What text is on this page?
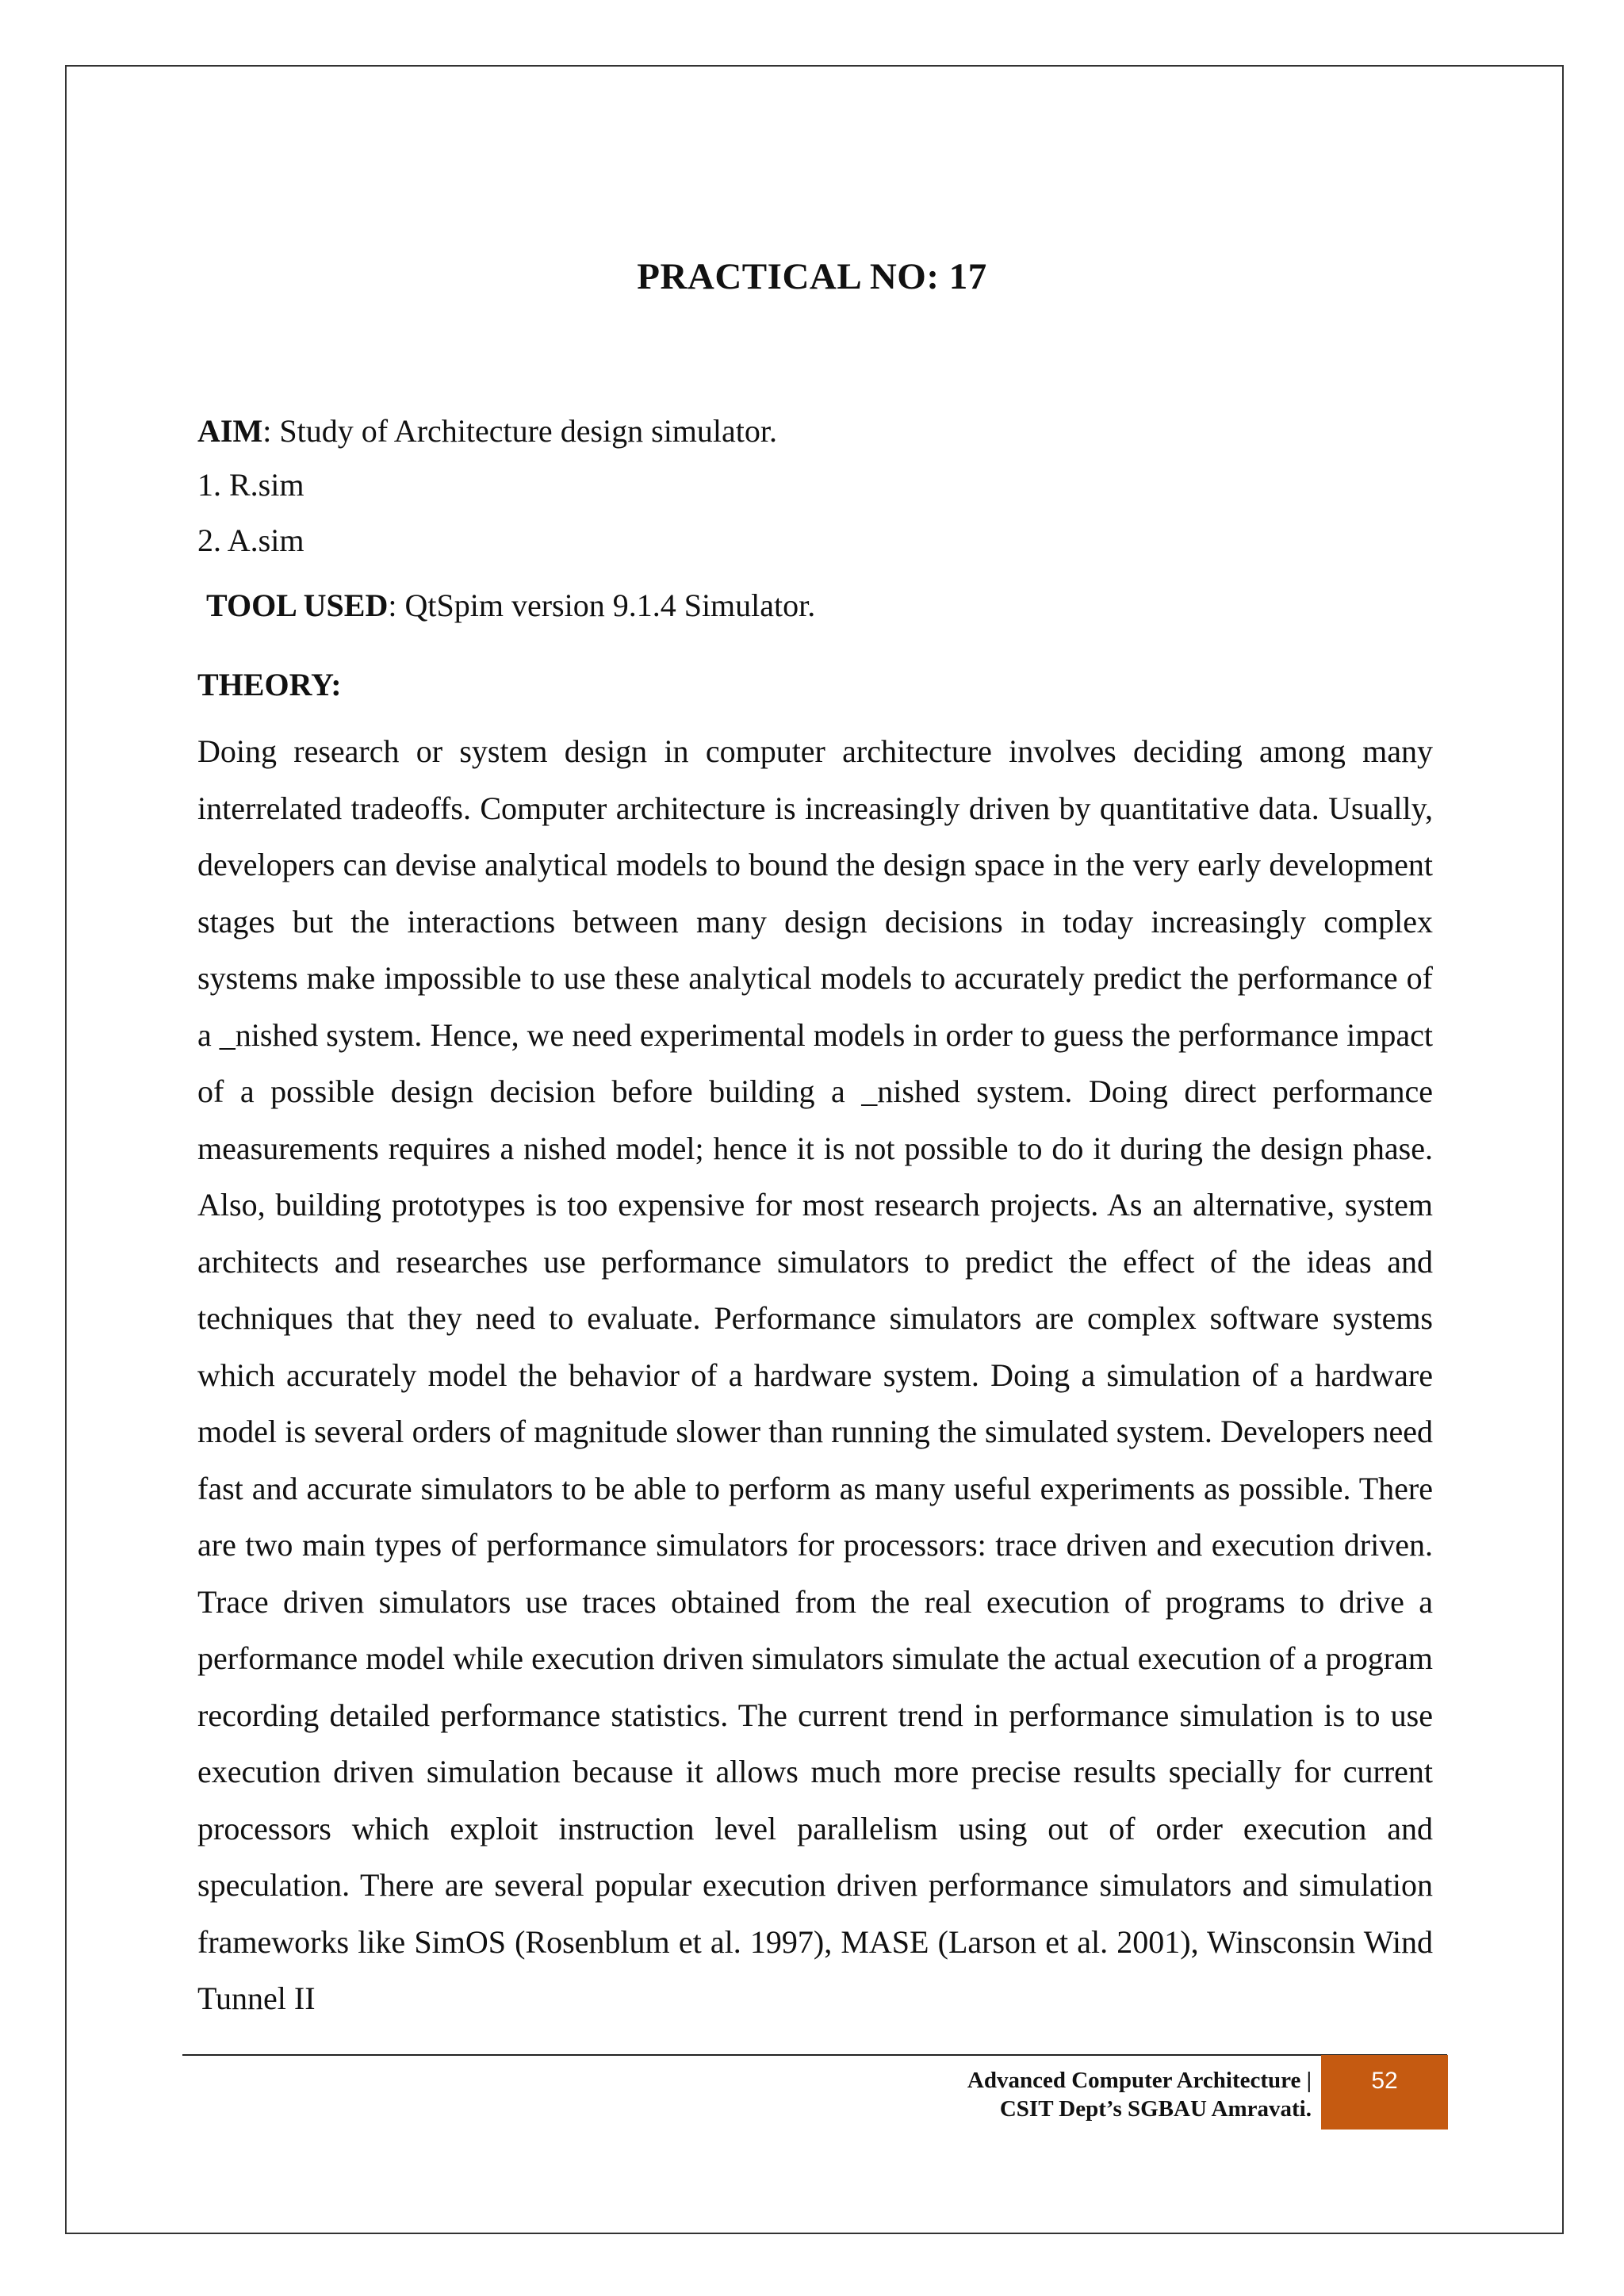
PRACTICAL NO: 17
AIM: Study of Architecture design simulator.
1. R.sim
2. A.sim
TOOL USED: QtSpim version 9.1.4 Simulator.
THEORY:

Doing research or system design in computer architecture involves deciding among many interrelated tradeoffs. Computer architecture is increasingly driven by quantitative data. Usually, developers can devise analytical models to bound the design space in the very early development stages but the interactions between many design decisions in today increasingly complex systems make impossible to use these analytical models to accurately predict the performance of a _nished system. Hence, we need experimental models in order to guess the performance impact of a possible design decision before building a _nished system. Doing direct performance measurements requires a nished model; hence it is not possible to do it during the design phase. Also, building prototypes is too expensive for most research projects. As an alternative, system architects and researches use performance simulators to predict the effect of the ideas and techniques that they need to evaluate. Performance simulators are complex software systems which accurately model the behavior of a hardware system. Doing a simulation of a hardware model is several orders of magnitude slower than running the simulated system. Developers need fast and accurate simulators to be able to perform as many useful experiments as possible. There are two main types of performance simulators for processors: trace driven and execution driven. Trace driven simulators use traces obtained from the real execution of programs to drive a performance model while execution driven simulators simulate the actual execution of a program recording detailed performance statistics. The current trend in performance simulation is to use execution driven simulation because it allows much more precise results specially for current processors which exploit instruction level parallelism using out of order execution and speculation. There are several popular execution driven performance simulators and simulation frameworks like SimOS (Rosenblum et al. 1997), MASE (Larson et al. 2001), Winsconsin Wind Tunnel II

Advanced Computer Architecture |
CSIT Dept’s SGBAU Amravati.
52
